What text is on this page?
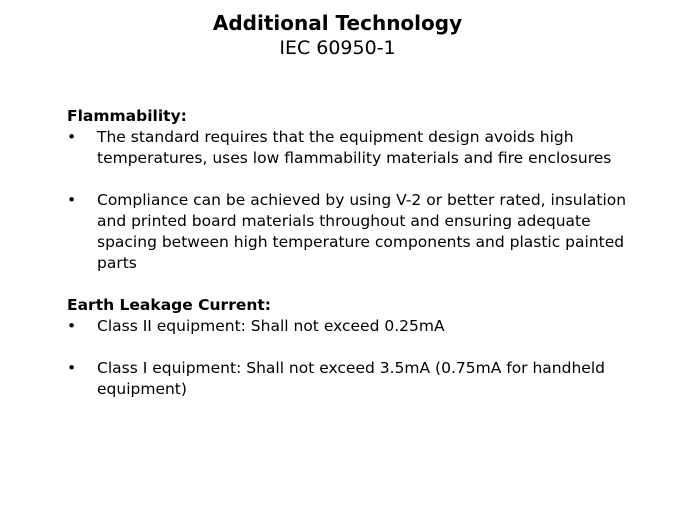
Additional Technology

IEC 60950-1

Flammability:

•	The standard requires that the equipment design avoids high temperatures, uses low flammability materials and fire enclosures
•	Compliance can be achieved by using V-2 or better rated, insulation and printed board materials throughout and ensuring adequate spacing between high temperature components and plastic painted parts

Earth Leakage Current:

•	Class II equipment: Shall not exceed 0.25mA
•	Class I equipment: Shall not exceed 3.5mA (0.75mA for handheld equipment)
